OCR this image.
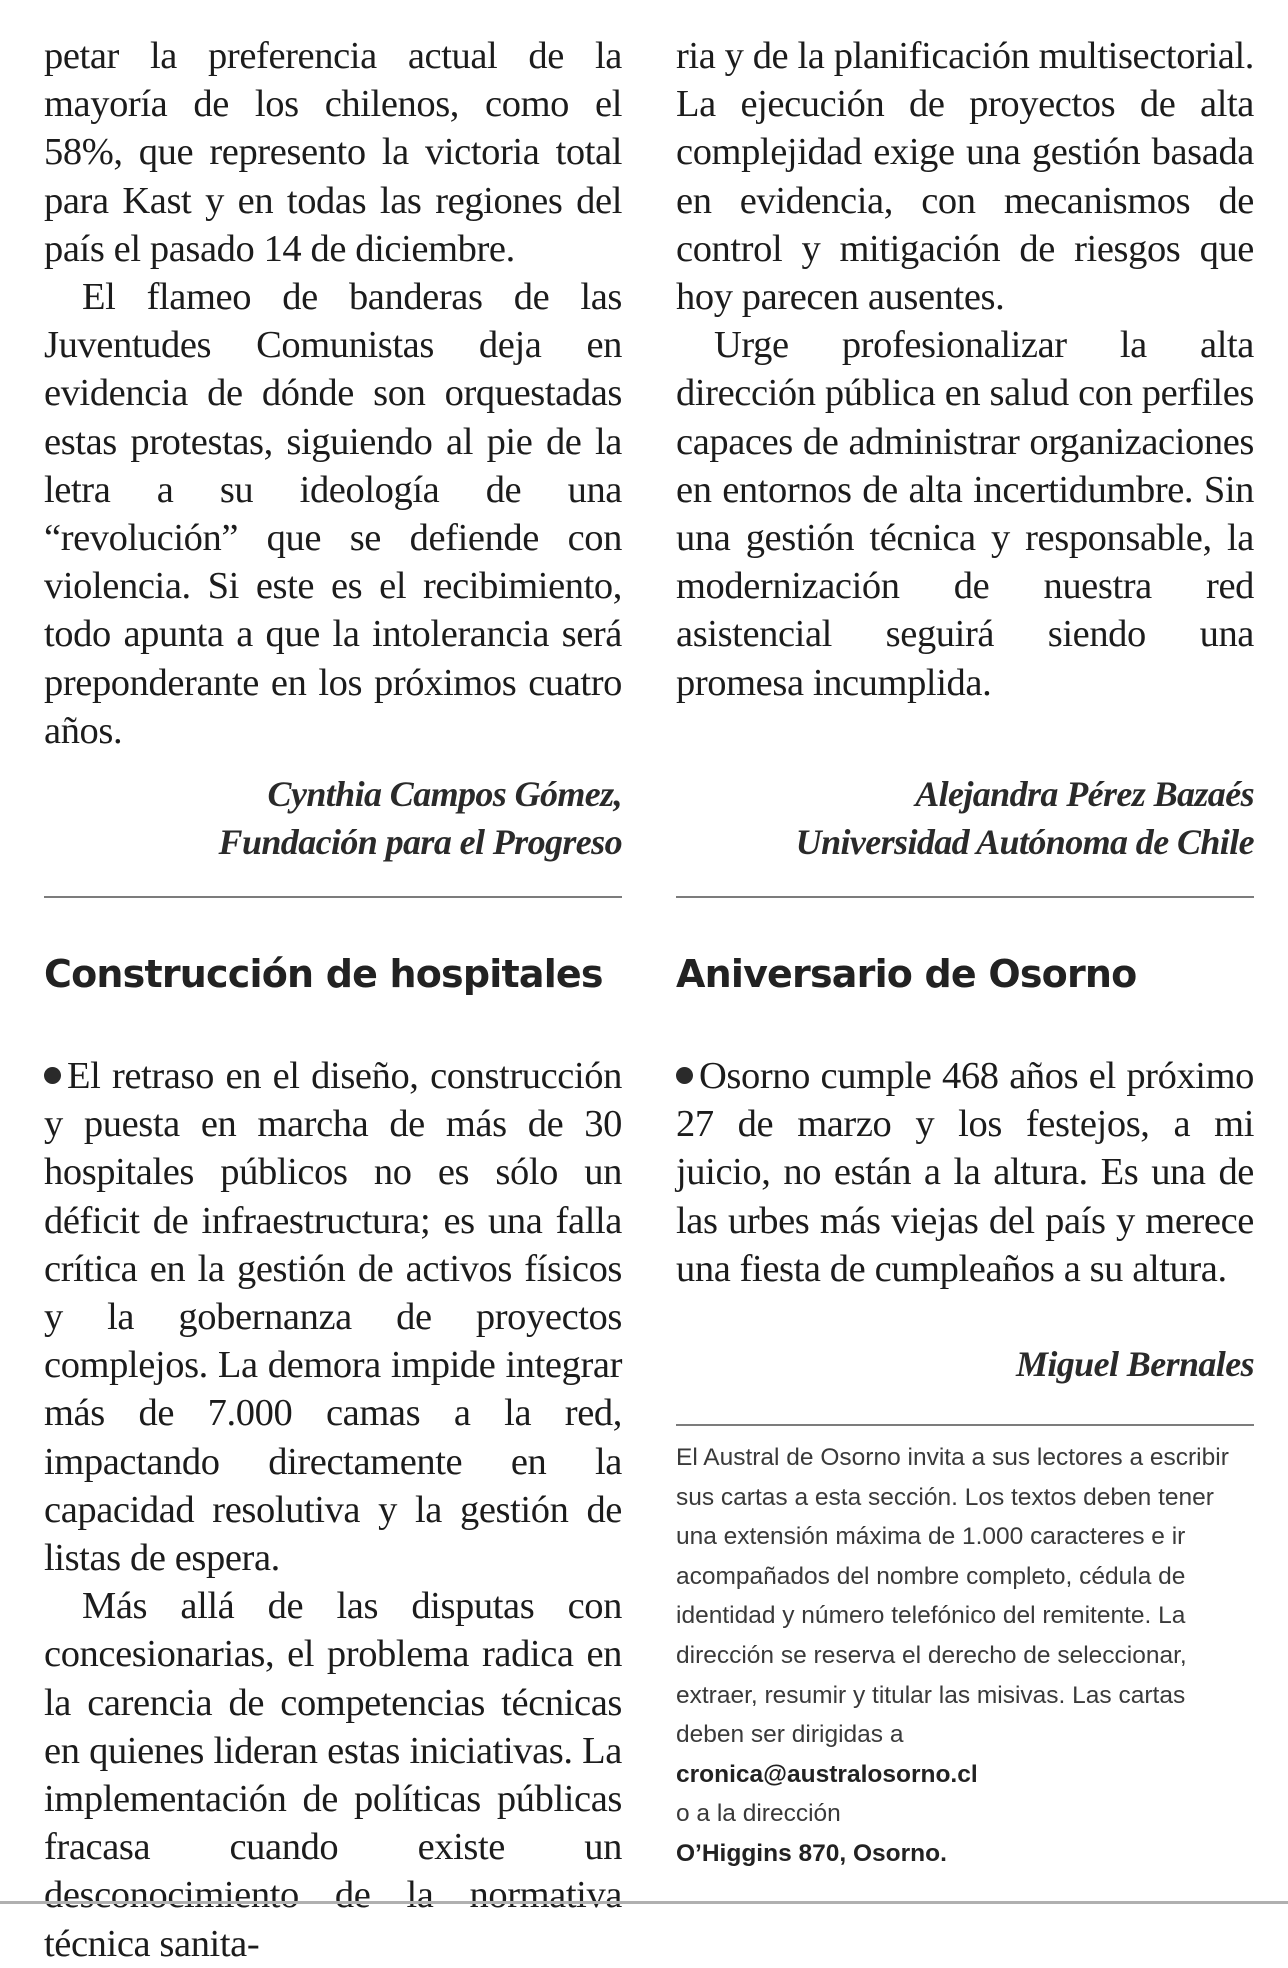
petar la preferencia actual de la mayoría de los chilenos, como el 58%, que represento la victoria total para Kast y en todas las regiones del país el pasado 14 de diciembre.

El flameo de banderas de las Juventudes Comunistas deja en evidencia de dónde son orquestadas estas protestas, siguiendo al pie de la letra a su ideología de una “revolución” que se defiende con violencia. Si este es el recibimiento, todo apunta a que la intolerancia será preponderante en los próximos cuatro años.

Cynthia Campos Gómez,
Fundación para el Progreso

ria y de la planificación multisectorial. La ejecución de proyectos de alta complejidad exige una gestión basada en evidencia, con mecanismos de control y mitigación de riesgos que hoy parecen ausentes.

Urge profesionalizar la alta dirección pública en salud con perfiles capaces de administrar organizaciones en entornos de alta incertidumbre. Sin una gestión técnica y responsable, la modernización de nuestra red asistencial seguirá siendo una promesa incumplida.

Alejandra Pérez Bazaés
Universidad Autónoma de Chile
Construcción de hospitales Aniversario de Osorno

El retraso en el diseño, construcción y puesta en marcha de más de 30 hospitales públicos no es sólo un déficit de infraestructura; es una falla crítica en la gestión de activos físicos y la gobernanza de proyectos complejos. La demora impide integrar más de 7.000 camas a la red, impactando directamente en la capacidad resolutiva y la gestión de listas de espera.

Más allá de las disputas con concesionarias, el problema radica en la carencia de competencias técnicas en quienes lideran estas iniciativas. La implementación de políticas públicas fracasa cuando existe un desconocimiento de la normativa técnica sanita-

Osorno cumple 468 años el próximo 27 de marzo y los festejos, a mi juicio, no están a la altura. Es una de las urbes más viejas del país y merece una fiesta de cumpleaños a su altura.

Miguel Bernales
El Austral de Osorno invita a sus lectores a escribir sus cartas a esta sección. Los textos deben tener una extensión máxima de 1.000 caracteres e ir acompañados del nombre completo, cédula de identidad y número telefónico del remitente. La dirección se reserva el derecho de seleccionar, extraer, resumir y titular las misivas. Las cartas deben ser dirigidas a
cronica@australosorno.cl
o a la dirección
O’Higgins 870, Osorno.
